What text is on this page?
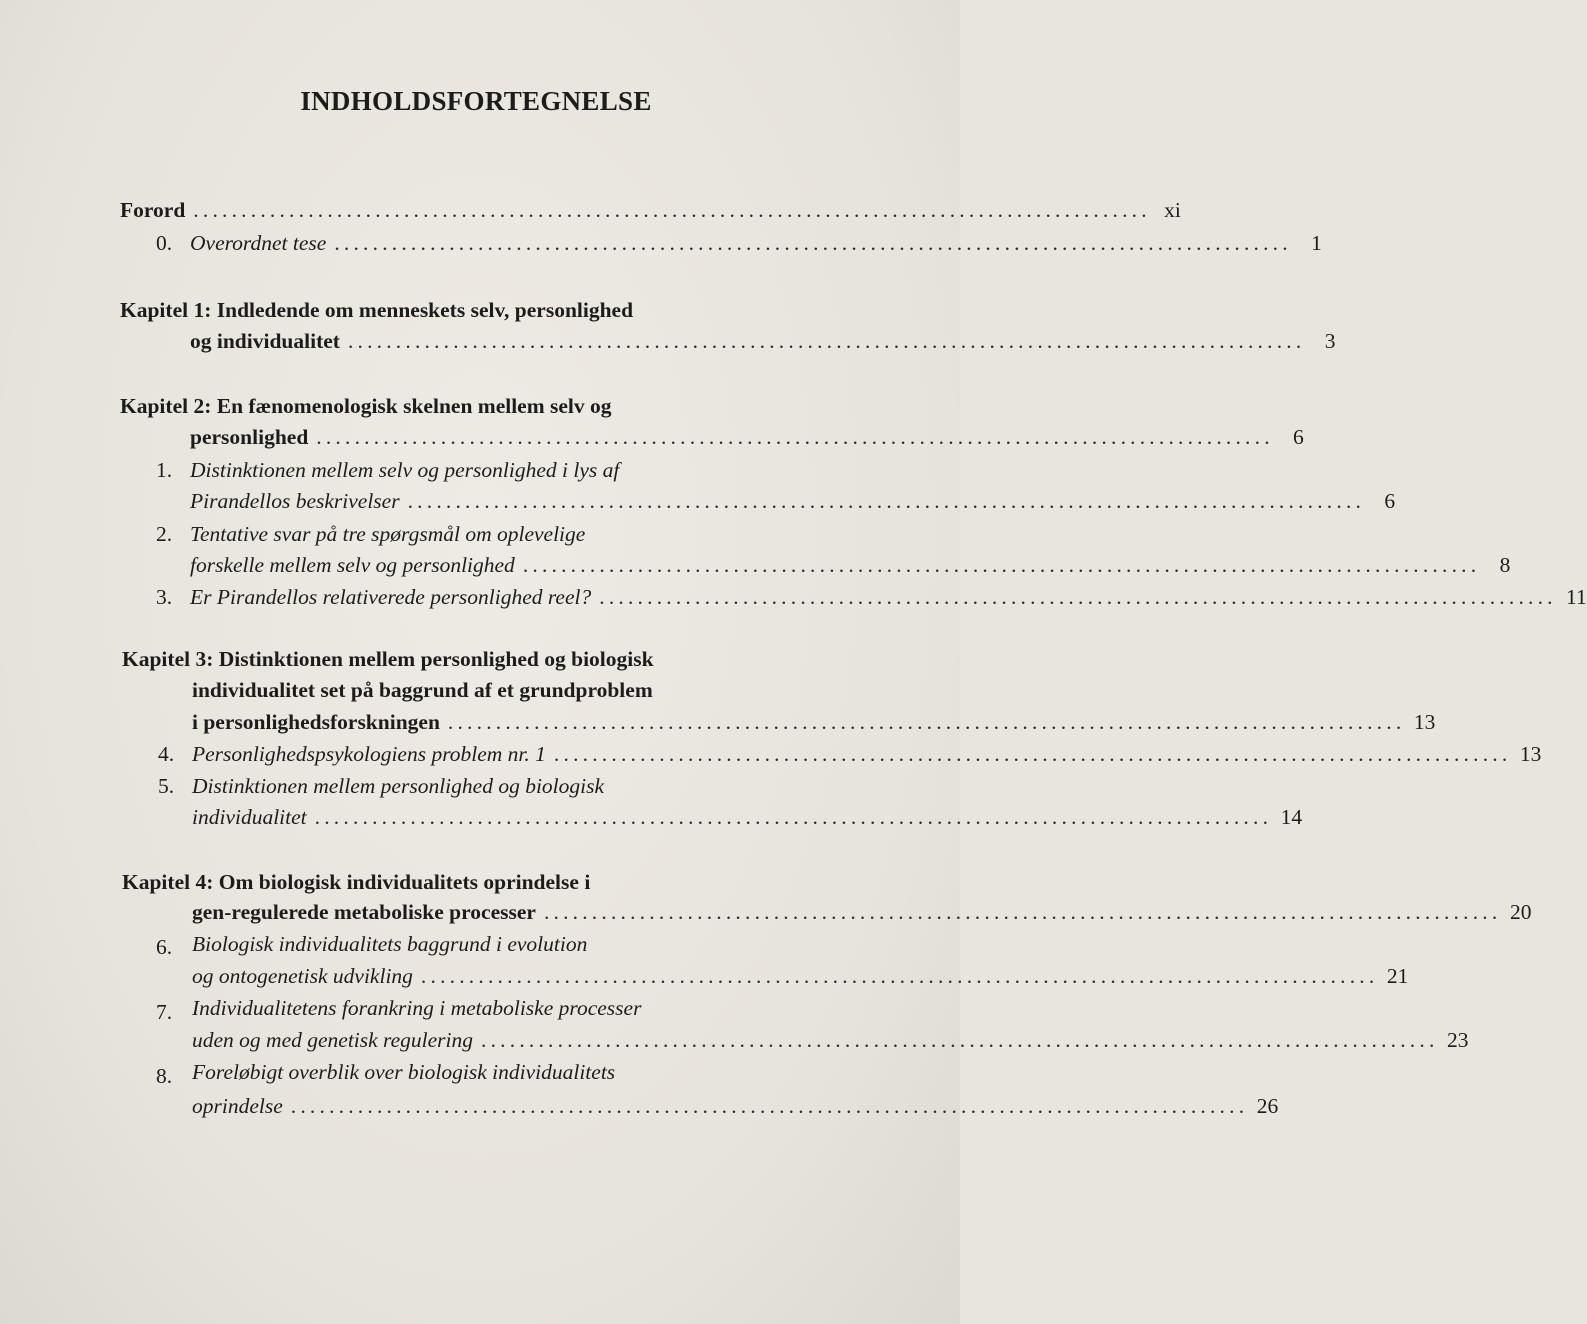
INDHOLDSFORTEGNELSE
Forord .................................................................................................... xi
0. Overordnet tese .................................................................................................... 1
Kapitel 1: Indledende om menneskets selv, personlighed
og individualitet .................................................................................................... 3
Kapitel 2: En fænomenologisk skelnen mellem selv og
personlighed .................................................................................................... 6
1. Distinktionen mellem selv og personlighed i lys af
Pirandellos beskrivelser .................................................................................................... 6
2. Tentative svar på tre spørgsmål om oplevelige
forskelle mellem selv og personlighed .................................................................................................... 8
3. Er Pirandellos relativerede personlighed reel? .................................................................................................... 11
Kapitel 3: Distinktionen mellem personlighed og biologisk
individualitet set på baggrund af et grundproblem
i personlighedsforskningen .................................................................................................... 13
4. Personlighedspsykologiens problem nr. 1 .................................................................................................... 13
5. Distinktionen mellem personlighed og biologisk
individualitet .................................................................................................... 14
Kapitel 4: Om biologisk individualitets oprindelse i
gen-regulerede metaboliske processer .................................................................................................... 20
6. Biologisk individualitets baggrund i evolution
og ontogenetisk udvikling .................................................................................................... 21
7. Individualitetens forankring i metaboliske processer
uden og med genetisk regulering .................................................................................................... 23
8. Foreløbigt overblik over biologisk individualitets
oprindelse .................................................................................................... 26
